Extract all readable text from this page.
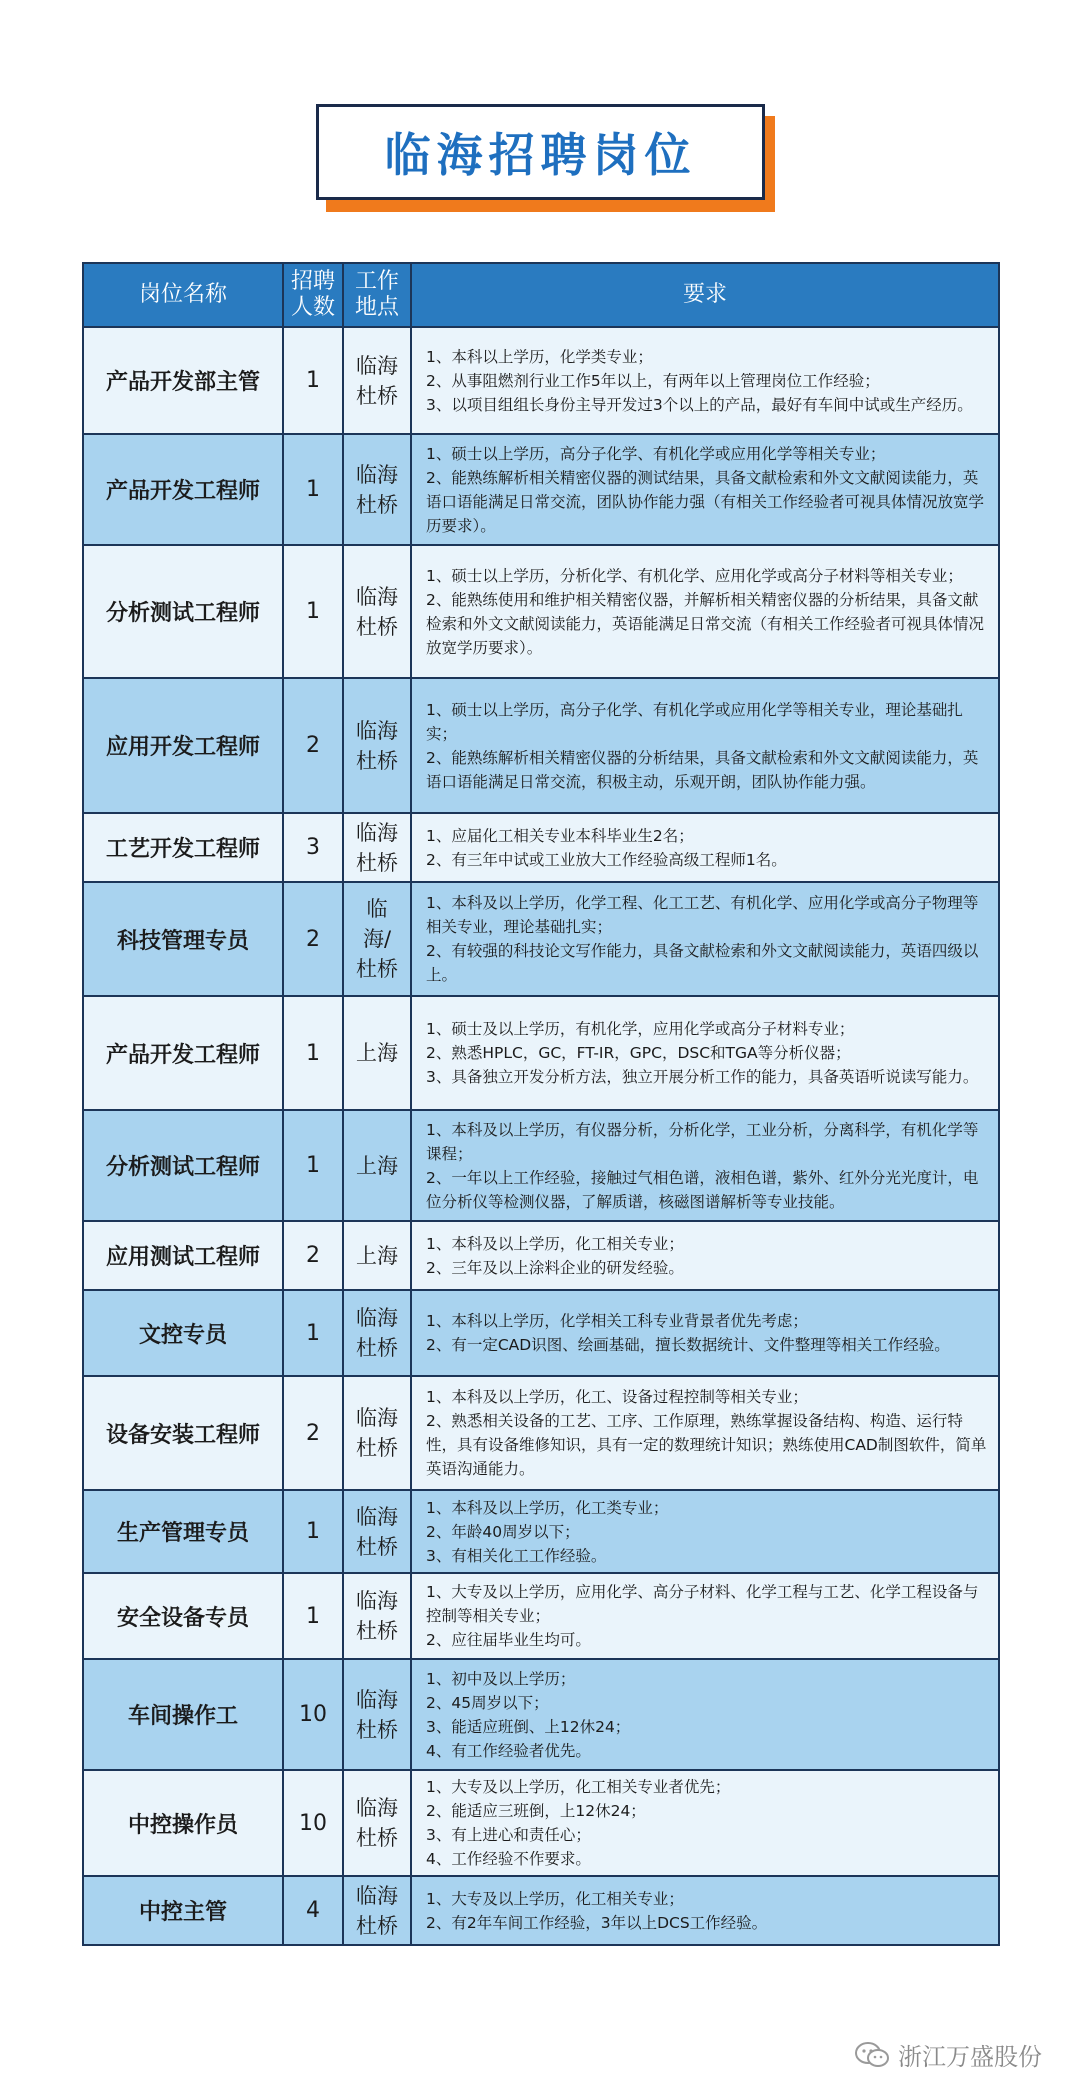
临海招聘岗位
岗位名称	招聘人数	工作地点	要求
产品开发部主管	1	临海杜桥	1、本科以上学历，化学类专业；
2、从事阻燃剂行业工作5年以上，有两年以上管理岗位工作经验；
3、以项目组组长身份主导开发过3个以上的产品，最好有车间中试或生产经历。
产品开发工程师	1	临海杜桥	1、硕士以上学历，高分子化学、有机化学或应用化学等相关专业；
2、能熟练解析相关精密仪器的测试结果，具备文献检索和外文文献阅读能力，英语口语能满足日常交流，团队协作能力强（有相关工作经验者可视具体情况放宽学历要求）。
分析测试工程师	1	临海杜桥	1、硕士以上学历，分析化学、有机化学、应用化学或高分子材料等相关专业；
2、能熟练使用和维护相关精密仪器，并解析相关精密仪器的分析结果，具备文献检索和外文文献阅读能力，英语能满足日常交流（有相关工作经验者可视具体情况放宽学历要求）。
应用开发工程师	2	临海杜桥	1、硕士以上学历，高分子化学、有机化学或应用化学等相关专业，理论基础扎实；
2、能熟练解析相关精密仪器的分析结果，具备文献检索和外文文献阅读能力，英语口语能满足日常交流，积极主动，乐观开朗，团队协作能力强。
工艺开发工程师	3	临海杜桥	1、应届化工相关专业本科毕业生2名；
2、有三年中试或工业放大工作经验高级工程师1名。
科技管理专员	2	临海/杜桥	1、本科及以上学历，化学工程、化工工艺、有机化学、应用化学或高分子物理等相关专业，理论基础扎实；
2、有较强的科技论文写作能力，具备文献检索和外文文献阅读能力，英语四级以上。
产品开发工程师	1	上海	1、硕士及以上学历，有机化学，应用化学或高分子材料专业；
2、熟悉HPLC，GC，FT-IR，GPC，DSC和TGA等分析仪器；
3、具备独立开发分析方法，独立开展分析工作的能力，具备英语听说读写能力。
分析测试工程师	1	上海	1、本科及以上学历，有仪器分析，分析化学，工业分析，分离科学，有机化学等课程；
2、一年以上工作经验，接触过气相色谱，液相色谱，紫外、红外分光光度计，电位分析仪等检测仪器，了解质谱，核磁图谱解析等专业技能。
应用测试工程师	2	上海	1、本科及以上学历，化工相关专业；
2、三年及以上涂料企业的研发经验。
文控专员	1	临海杜桥	1、本科以上学历，化学相关工科专业背景者优先考虑；
2、有一定CAD识图、绘画基础，擅长数据统计、文件整理等相关工作经验。
设备安装工程师	2	临海杜桥	1、本科及以上学历，化工、设备过程控制等相关专业；
2、熟悉相关设备的工艺、工序、工作原理，熟练掌握设备结构、构造、运行特性，具有设备维修知识，具有一定的数理统计知识；熟练使用CAD制图软件，简单英语沟通能力。
生产管理专员	1	临海杜桥	1、本科及以上学历，化工类专业；
2、年龄40周岁以下；
3、有相关化工工作经验。
安全设备专员	1	临海杜桥	1、大专及以上学历，应用化学、高分子材料、化学工程与工艺、化学工程设备与控制等相关专业；
2、应往届毕业生均可。
车间操作工	10	临海杜桥	1、初中及以上学历；
2、45周岁以下；
3、能适应班倒、上12休24；
4、有工作经验者优先。
中控操作员	10	临海杜桥	1、大专及以上学历，化工相关专业者优先；
2、能适应三班倒，上12休24；
3、有上进心和责任心；
4、工作经验不作要求。
中控主管	4	临海杜桥	1、大专及以上学历，化工相关专业；
2、有2年车间工作经验，3年以上DCS工作经验。
浙江万盛股份
